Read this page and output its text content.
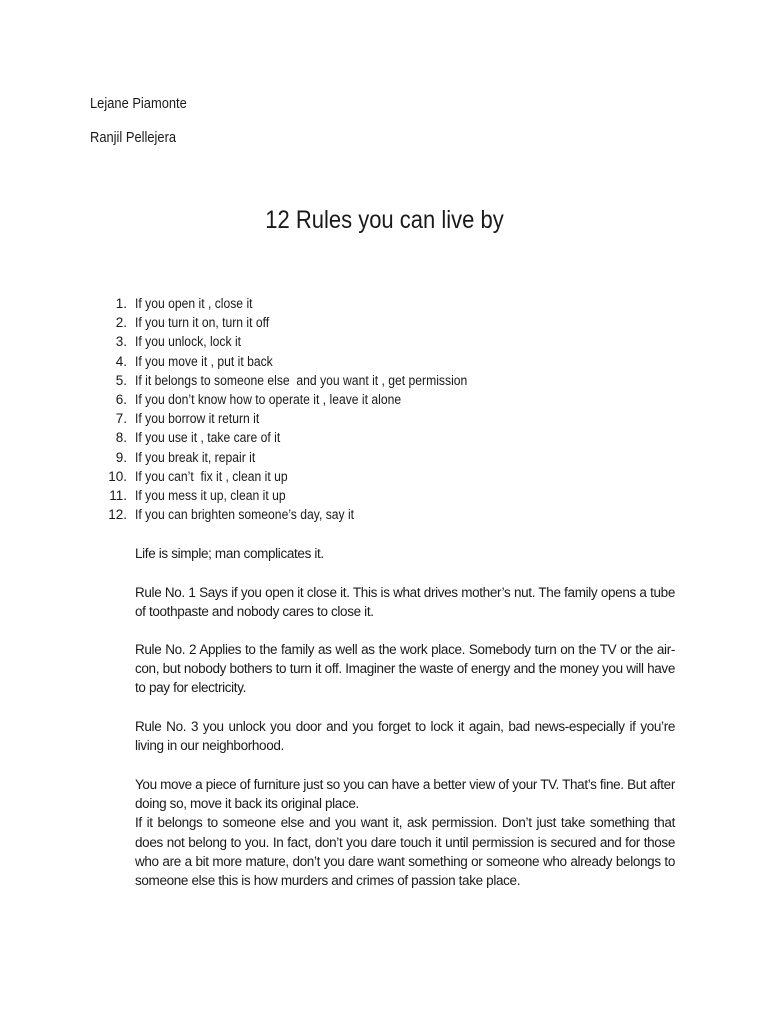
Lejane Piamonte
Ranjil Pellejera
12 Rules you can live by
1. If you open it , close it
2. If you turn it on, turn it off
3. If you unlock, lock it
4. If you move it , put it back
5. If it belongs to someone else  and you want it , get permission
6. If you don’t know how to operate it , leave it alone
7. If you borrow it return it
8. If you use it , take care of it
9. If you break it, repair it
10. If you can’t  fix it , clean it up
11. If you mess it up, clean it up
12. If you can brighten someone’s day, say it

Life is simple; man complicates it.

Rule No. 1 Says if you open it close it. This is what drives mother’s nut. The family opens a tube of toothpaste and nobody cares to close it.

Rule No. 2 Applies to the family as well as the work place. Somebody turn on the TV or the air-con, but nobody bothers to turn it off. Imaginer the waste of energy and the money you will have to pay for electricity.

Rule No. 3 you unlock you door and you forget to lock it again, bad news-especially if you’re living in our neighborhood.

You move a piece of furniture just so you can have a better view of your TV. That’s fine. But after doing so, move it back its original place.

If it belongs to someone else and you want it, ask permission. Don’t just take something that does not belong to you. In fact, don’t you dare touch it until permission is secured and for those who are a bit more mature, don’t you dare want something or someone who already belongs to someone else this is how murders and crimes of passion take place.
